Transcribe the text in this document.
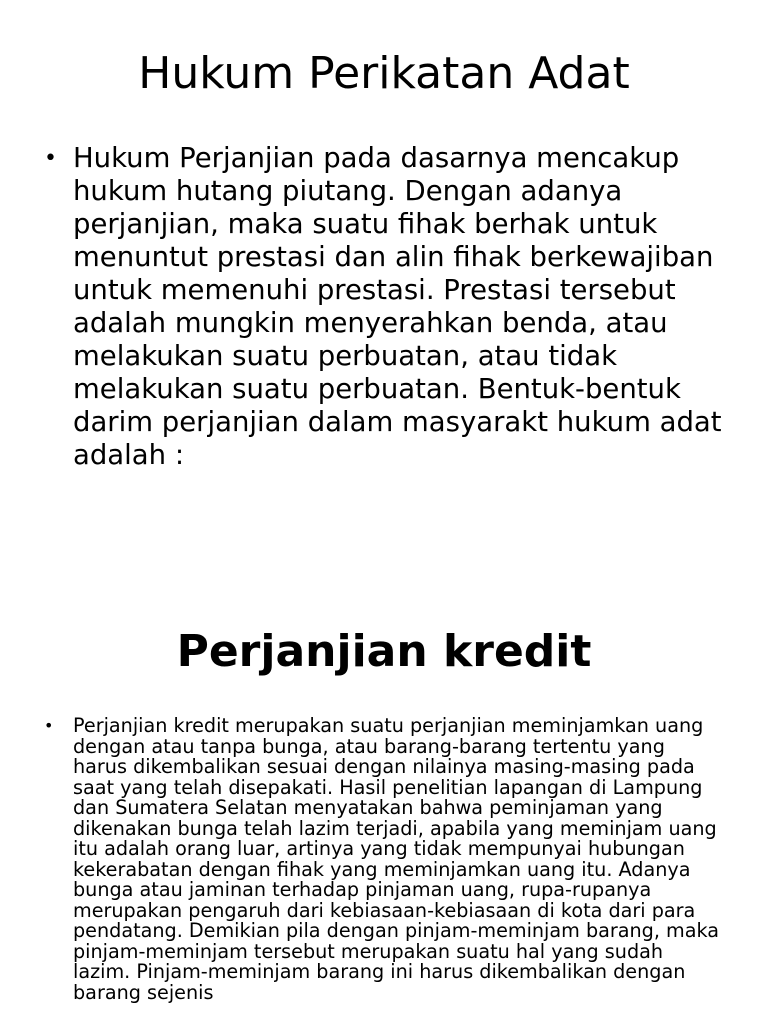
Hukum Perikatan Adat
• Hukum Perjanjian pada dasarnya mencakup hukum hutang piutang. Dengan adanya perjanjian, maka suatu fihak berhak untuk menuntut prestasi dan alin fihak berkewajiban untuk memenuhi prestasi. Prestasi tersebut adalah mungkin menyerahkan benda, atau melakukan suatu perbuatan, atau tidak melakukan suatu perbuatan. Bentuk-bentuk darim perjanjian dalam masyarakt hukum adat adalah :
Perjanjian kredit
• Perjanjian kredit merupakan suatu perjanjian meminjamkan uang dengan atau tanpa bunga, atau barang-barang tertentu yang harus dikembalikan sesuai dengan nilainya masing-masing pada saat yang telah disepakati. Hasil penelitian lapangan di Lampung dan Sumatera Selatan menyatakan bahwa peminjaman yang dikenakan bunga telah lazim terjadi, apabila yang meminjam uang itu adalah orang luar, artinya yang tidak mempunyai hubungan kekerabatan dengan fihak yang meminjamkan uang itu. Adanya bunga atau jaminan terhadap pinjaman uang, rupa-rupanya merupakan pengaruh dari kebiasaan-kebiasaan di kota dari para pendatang. Demikian pila dengan pinjam-meminjam barang, maka pinjam-meminjam tersebut merupakan suatu hal yang sudah lazim. Pinjam-meminjam barang ini harus dikembalikan dengan barang sejenis
